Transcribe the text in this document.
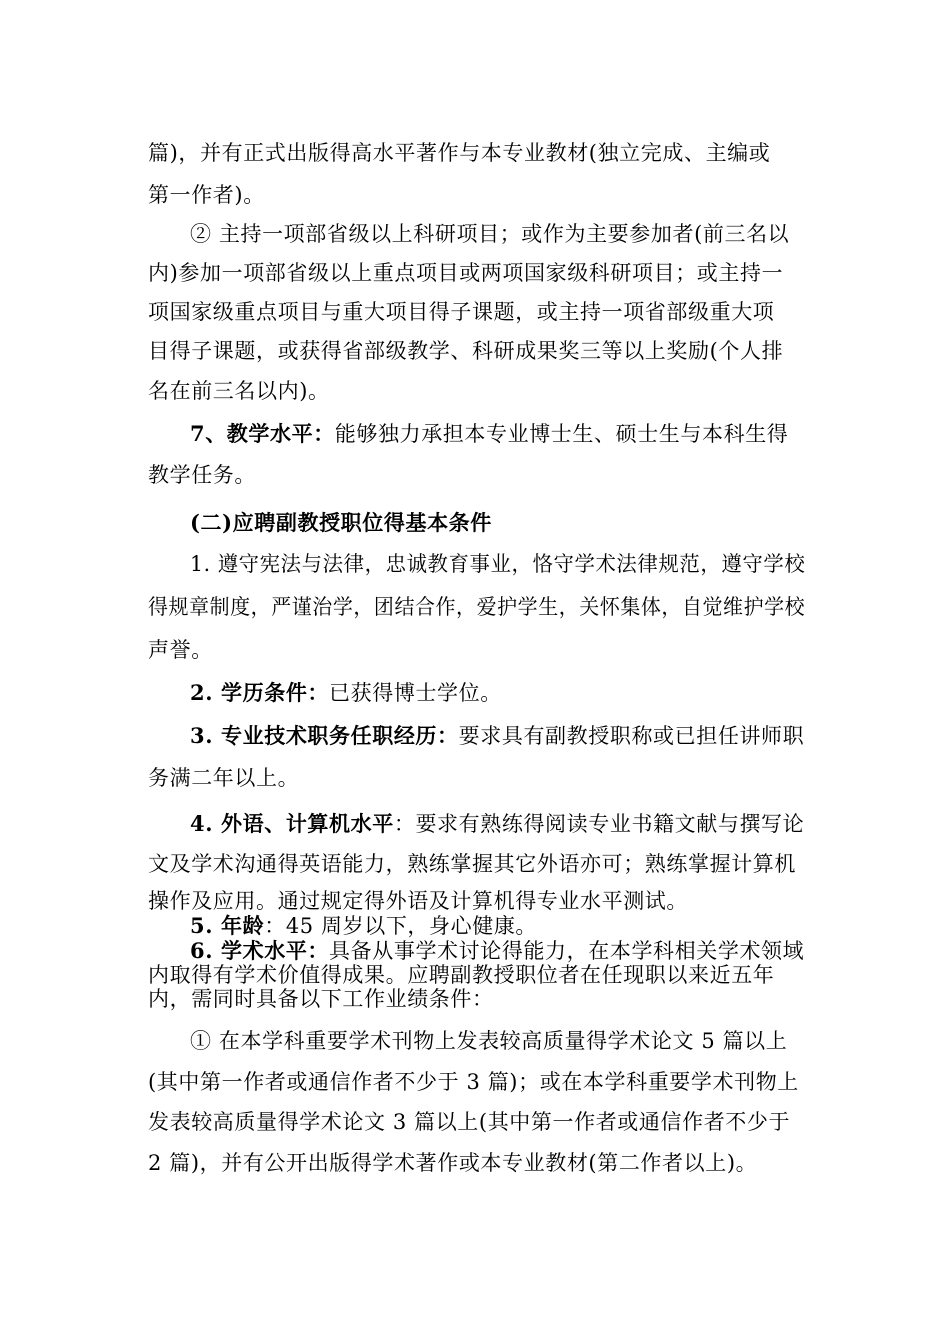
篇)，并有正式出版得高水平著作与本专业教材(独立完成、主编或

第一作者)。

② 主持一项部省级以上科研项目；或作为主要参加者(前三名以

内)参加一项部省级以上重点项目或两项国家级科研项目；或主持一

项国家级重点项目与重大项目得子课题，或主持一项省部级重大项

目得子课题，或获得省部级教学、科研成果奖三等以上奖励(个人排

名在前三名以内)。

7、教学水平：能够独力承担本专业博士生、硕士生与本科生得

教学任务。

(二)应聘副教授职位得基本条件

1. 遵守宪法与法律，忠诚教育事业，恪守学术法律规范，遵守学校

得规章制度，严谨治学，团结合作，爱护学生，关怀集体，自觉维护学校

声誉。

2. 学历条件：已获得博士学位。

3. 专业技术职务任职经历：要求具有副教授职称或已担任讲师职

务满二年以上。

4. 外语、计算机水平：要求有熟练得阅读专业书籍文献与撰写论

文及学术沟通得英语能力，熟练掌握其它外语亦可；熟练掌握计算机

操作及应用。通过规定得外语及计算机得专业水平测试。

5. 年龄：45 周岁以下，身心健康。

6. 学术水平：具备从事学术讨论得能力，在本学科相关学术领域

内取得有学术价值得成果。应聘副教授职位者在任现职以来近五年

内，需同时具备以下工作业绩条件：

① 在本学科重要学术刊物上发表较高质量得学术论文 5 篇以上

(其中第一作者或通信作者不少于 3 篇)；或在本学科重要学术刊物上

发表较高质量得学术论文 3 篇以上(其中第一作者或通信作者不少于

2 篇)，并有公开出版得学术著作或本专业教材(第二作者以上)。
